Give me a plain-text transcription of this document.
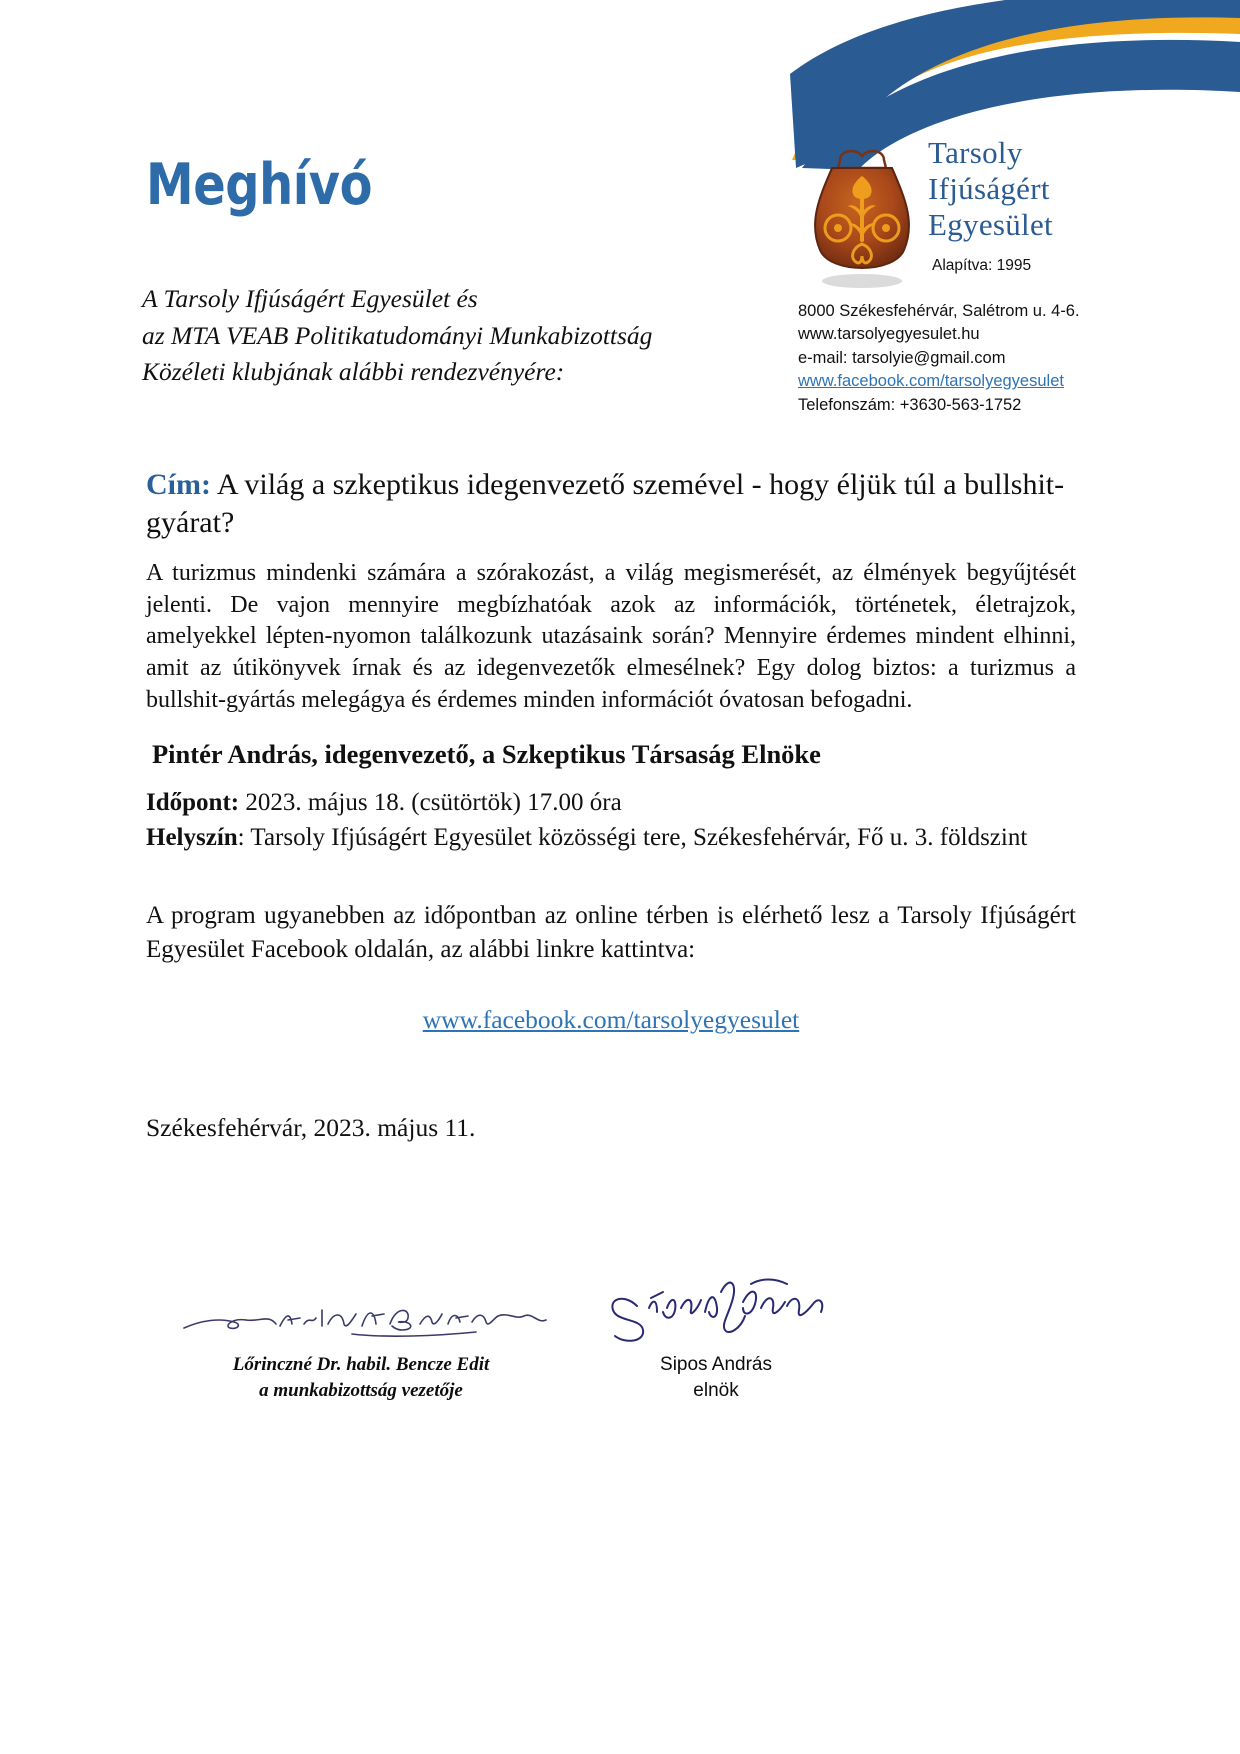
Tarsoly
Ifjúságért
Egyesület
Alapítva: 1995
8000 Székesfehérvár, Salétrom u. 4-6.
www.tarsolyegyesulet.hu
e-mail: tarsolyie@gmail.com
www.facebook.com/tarsolyegyesulet
Telefonszám: +3630-563-1752
Meghívó
A Tarsoly Ifjúságért Egyesület és
az MTA VEAB Politikatudományi Munkabizottság
Közéleti klubjának alábbi rendezvényére:

Cím: A világ a szkeptikus idegenvezető szemével - hogy éljük túl a bullshit-gyárat?

A turizmus mindenki számára a szórakozást, a világ megismerését, az élmények begyűjtését jelenti. De vajon mennyire megbízhatóak azok az információk, történetek, életrajzok, amelyekkel lépten-nyomon találkozunk utazásaink során? Mennyire érdemes mindent elhinni, amit az útikönyvek írnak és az idegenvezetők elmesélnek? Egy dolog biztos: a turizmus a bullshit-gyártás melegágya és érdemes minden információt óvatosan befogadni.

Pintér András, idegenvezető, a Szkeptikus Társaság Elnöke

Időpont: 2023. május 18. (csütörtök) 17.00 óra

Helyszín: Tarsoly Ifjúságért Egyesület közösségi tere, Székesfehérvár, Fő u. 3. földszint

A program ugyanebben az időpontban az online térben is elérhető lesz a Tarsoly Ifjúságért Egyesület Facebook oldalán, az alábbi linkre kattintva:

www.facebook.com/tarsolyegyesulet

Székesfehérvár, 2023. május 11.

Lőrinczné Dr. habil. Bencze Edit
a munkabizottság vezetője
Sipos András
elnök
